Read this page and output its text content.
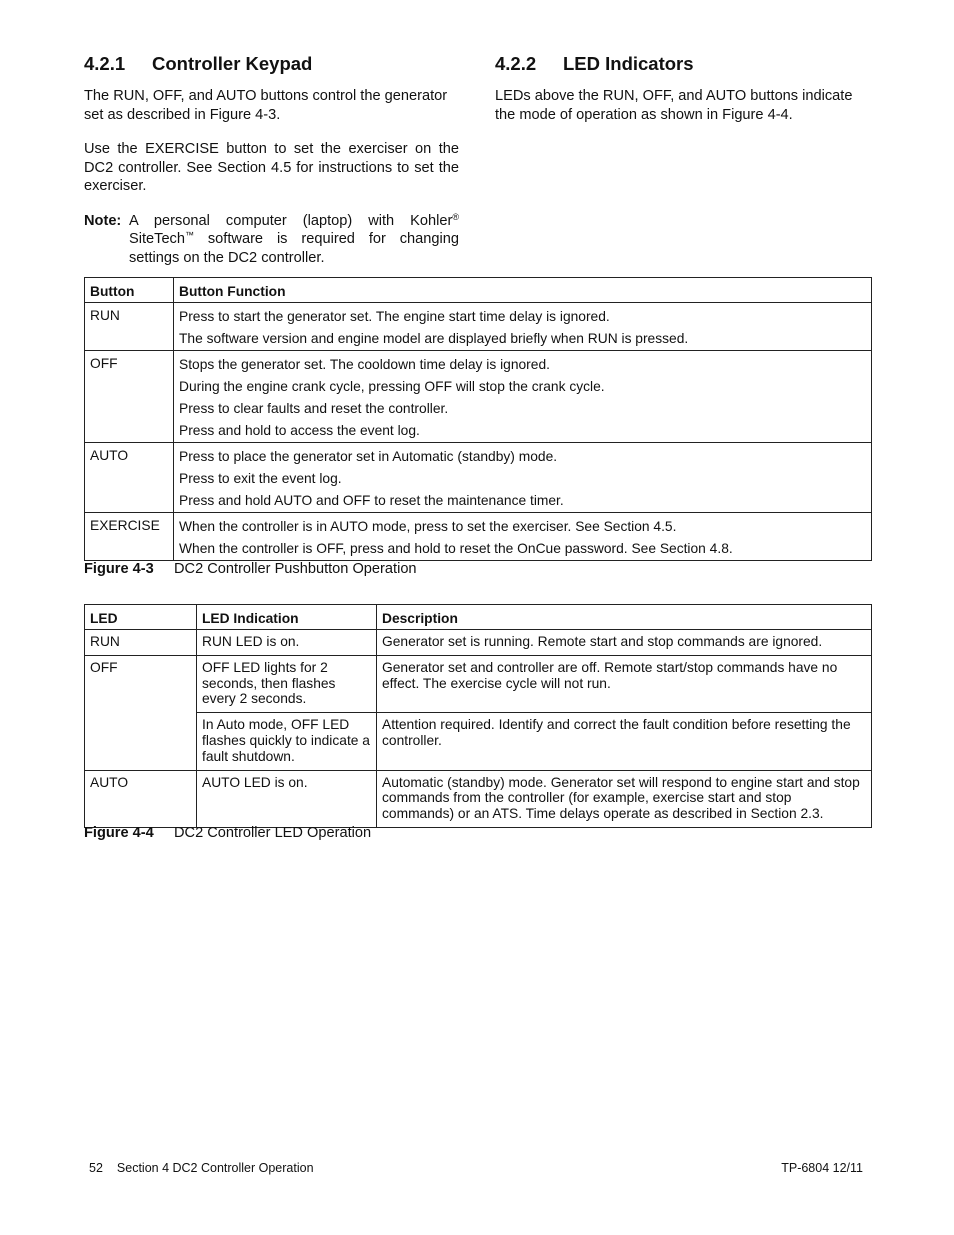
4.2.1 Controller Keypad	4.2.2 LED Indicators

The RUN, OFF, and AUTO buttons control the generator set as described in Figure 4-3.

Use the EXERCISE button to set the exerciser on the DC2 controller. See Section 4.5 for instructions to set the exerciser.

Note: A personal computer (laptop) with Kohler® SiteTech™ software is required for changing settings on the DC2 controller.

LEDs above the RUN, OFF, and AUTO buttons indicate the mode of operation as shown in Figure 4-4.

Button	Button Function
RUN	Press to start the generator set. The engine start time delay is ignored.
The software version and engine model are displayed briefly when RUN is pressed.

OFF	Stops the generator set. The cooldown time delay is ignored.
During the engine crank cycle, pressing OFF will stop the crank cycle.
Press to clear faults and reset the controller.
Press and hold to access the event log.

AUTO	Press to place the generator set in Automatic (standby) mode.
Press to exit the event log.
Press and hold AUTO and OFF to reset the maintenance timer.

EXERCISE	When the controller is in AUTO mode, press to set the exerciser. See Section 4.5.
When the controller is OFF, press and hold to reset the OnCue password. See Section 4.8.
Figure 4-3 DC2 Controller Pushbutton Operation
LED	LED Indication	Description
RUN	RUN LED is on.	Generator set is running. Remote start and stop commands are ignored.
OFF	OFF LED lights for 2 seconds, then flashes every 2 seconds.	Generator set and controller are off. Remote start/stop commands have no effect. The exercise cycle will not run.
	In Auto mode, OFF LED flashes quickly to indicate a fault shutdown.	Attention required. Identify and correct the fault condition before resetting the controller.
AUTO	AUTO LED is on.	Automatic (standby) mode. Generator set will respond to engine start and stop commands from the controller (for example, exercise start and stop commands) or an ATS. Time delays operate as described in Section 2.3.
Figure 4-4 DC2 Controller LED Operation
52 Section 4 DC2 Controller Operation	TP-6804 12/11
